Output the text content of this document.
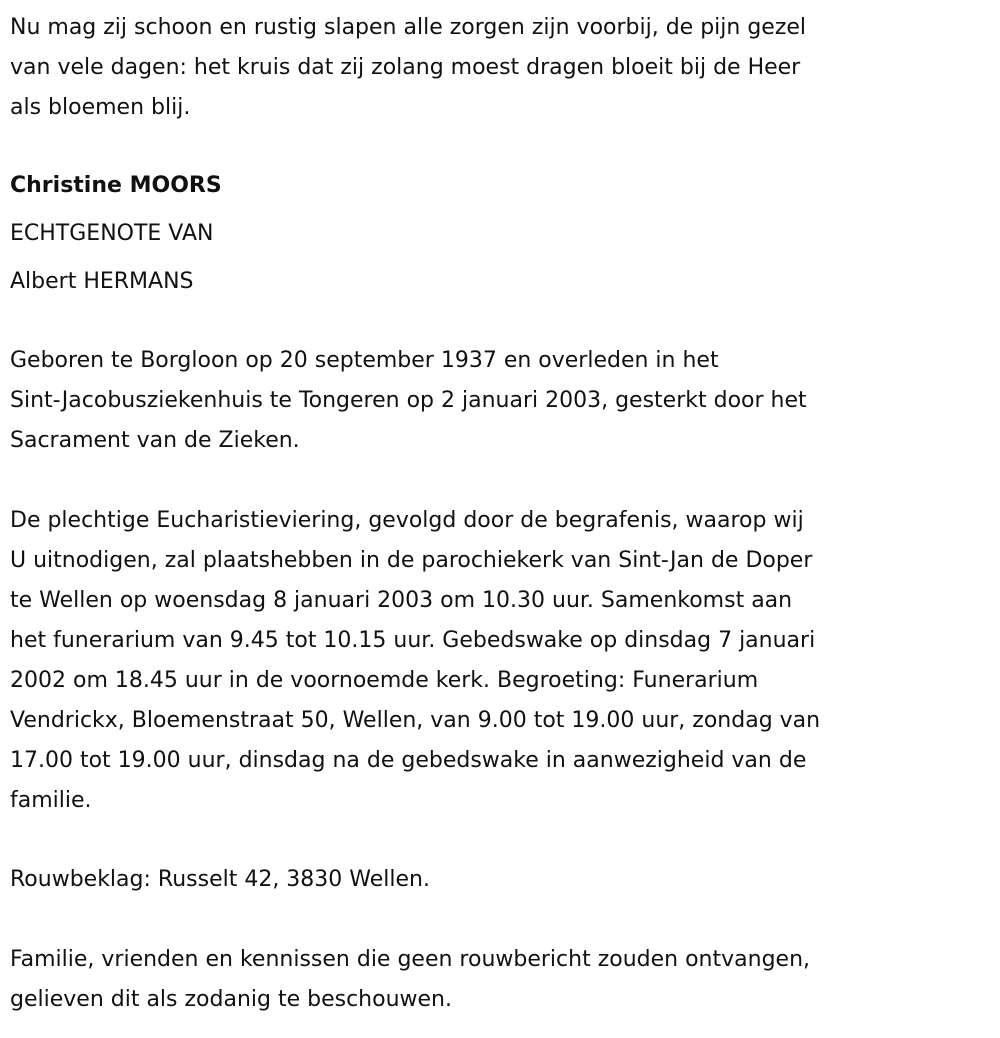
Nu mag zij schoon en rustig slapen alle zorgen zijn voorbij, de pijn gezel
van vele dagen: het kruis dat zij zolang moest dragen bloeit bij de Heer
als bloemen blij.
Christine MOORS
ECHTGENOTE VAN
Albert HERMANS
Geboren te Borgloon op 20 september 1937 en overleden in het
Sint-Jacobusziekenhuis te Tongeren op 2 januari 2003, gesterkt door het
Sacrament van de Zieken.
De plechtige Eucharistieviering, gevolgd door de begrafenis, waarop wij
U uitnodigen, zal plaatshebben in de parochiekerk van Sint-Jan de Doper
te Wellen op woensdag 8 januari 2003 om 10.30 uur. Samenkomst aan
het funerarium van 9.45 tot 10.15 uur. Gebedswake op dinsdag 7 januari
2002 om 18.45 uur in de voornoemde kerk. Begroeting: Funerarium
Vendrickx, Bloemenstraat 50, Wellen, van 9.00 tot 19.00 uur, zondag van
17.00 tot 19.00 uur, dinsdag na de gebedswake in aanwezigheid van de
familie.
Rouwbeklag: Russelt 42, 3830 Wellen.
Familie, vrienden en kennissen die geen rouwbericht zouden ontvangen,
gelieven dit als zodanig te beschouwen.
